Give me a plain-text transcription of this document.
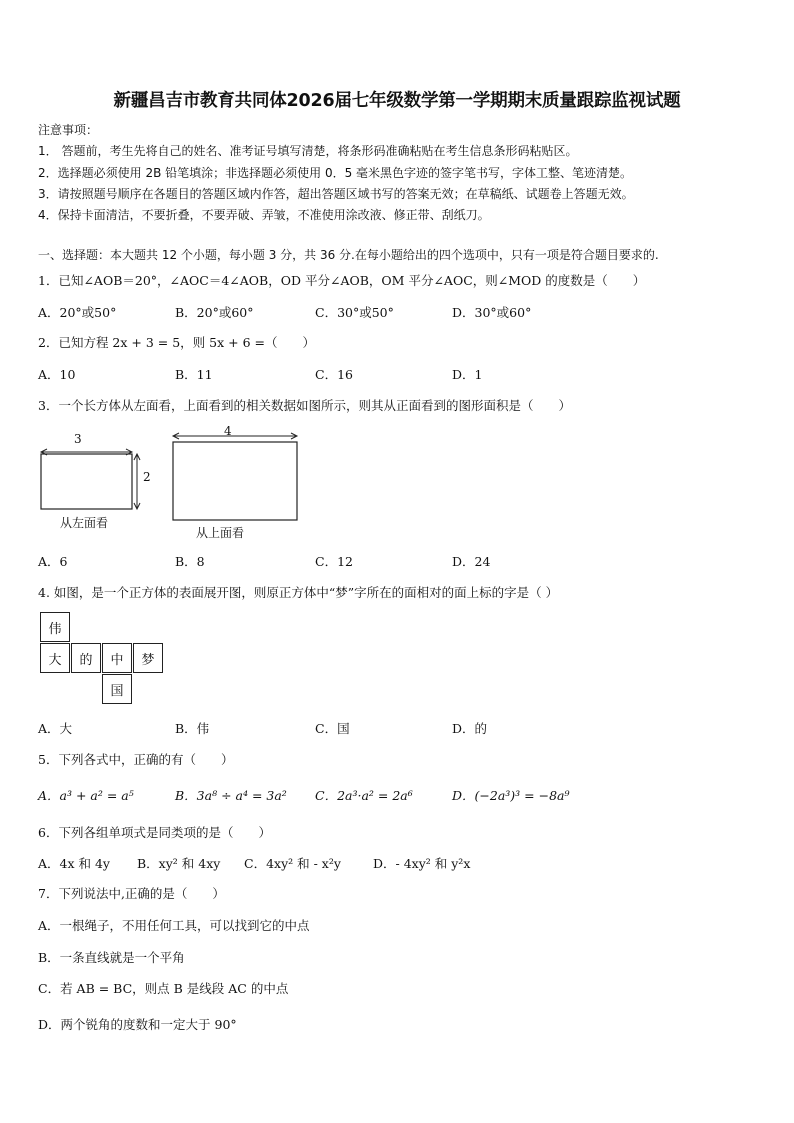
新疆昌吉市教育共同体2026届七年级数学第一学期期末质量跟踪监视试题
注意事项：
1． 答题前，考生先将自己的姓名、准考证号填写清楚，将条形码准确粘贴在考生信息条形码粘贴区。
2．选择题必须使用 2B 铅笔填涂；非选择题必须使用 0．5 毫米黑色字迹的签字笔书写，字体工整、笔迹清楚。
3．请按照题号顺序在各题目的答题区域内作答，超出答题区域书写的答案无效；在草稿纸、试题卷上答题无效。
4．保持卡面清洁，不要折叠，不要弄破、弄皱，不准使用涂改液、修正带、刮纸刀。
一、选择题：本大题共 12 个小题，每小题 3 分，共 36 分.在每小题给出的四个选项中，只有一项是符合题目要求的.
1．已知∠AOB＝20°，∠AOC＝4∠AOB，OD 平分∠AOB，OM 平分∠AOC，则∠MOD 的度数是（　　）
A．20°或50°	B．20°或60°	C．30°或50°	D．30°或60°
2．已知方程 2x + 3 = 5，则 5x + 6 =（　　）
A．10	B．11	C．16	D．1
3．一个长方体从左面看，上面看到的相关数据如图所示，则其从正面看到的图形面积是（　　）
3
2
4
从左面看
从上面看
A．6	B．8	C．12	D．24
4. 如图，是一个正方体的表面展开图，则原正方体中“梦”字所在的面相对的面上标的字是（ ）
伟
大	的	中	梦
国
A．大	B．伟	C．国	D．的
5．下列各式中，正确的有（　　）
A．a³ + a² = a⁵	B．3a⁸ ÷ a⁴ = 3a² C．2a³·a² = 2a⁶	D．(−2a³)³ = −8a⁹
6．下列各组单项式是同类项的是（　　）
A．4x 和 4y B．xy² 和 4xy C．4xy² 和 - x²y	D．- 4xy² 和 y²x
7．下列说法中,正确的是（　　）
A．一根绳子，不用任何工具，可以找到它的中点
B．一条直线就是一个平角
C．若 AB = BC，则点 B 是线段 AC 的中点
D．两个锐角的度数和一定大于 90°
